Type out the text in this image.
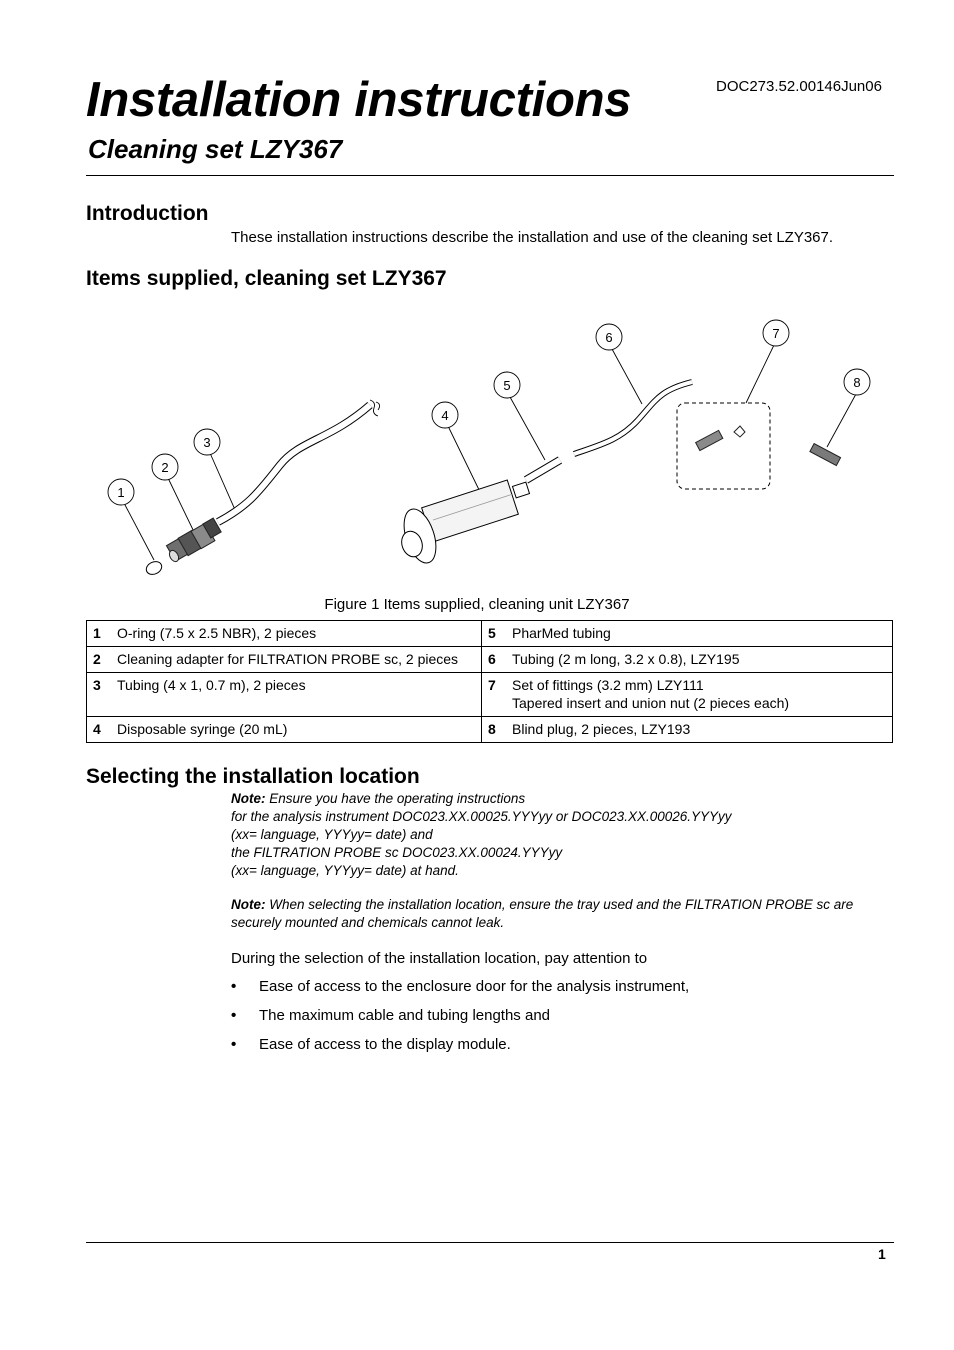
DOC273.52.00146Jun06
Installation instructions
Cleaning set LZY367
Introduction
These installation instructions describe the installation and use of the cleaning set LZY367.
Items supplied, cleaning set LZY367
1
2
3
4
5
6	7
8
Figure 1 Items supplied, cleaning unit LZY367
1	O-ring (7.5 x 2.5 NBR), 2 pieces	5	PharMed tubing

2	Cleaning adapter for FILTRATION PROBE sc, 2 pieces	6	Tubing (2 m long, 3.2 x 0.8), LZY195

3	Tubing (4 x 1, 0.7 m), 2 pieces	7	Set of fittings (3.2 mm) LZY111
Tapered insert and union nut (2 pieces each)

4	Disposable syringe (20 mL)	8	Blind plug, 2 pieces, LZY193
Selecting the installation location
Note: Ensure you have the operating instructions
for the analysis instrument DOC023.XX.00025.YYYyy or DOC023.XX.00026.YYYyy
(xx= language, YYYyy= date) and
the FILTRATION PROBE sc DOC023.XX.00024.YYYyy
(xx= language, YYYyy= date) at hand.
Note: When selecting the installation location, ensure the tray used and the FILTRATION PROBE sc are
securely mounted and chemicals cannot leak.
During the selection of the installation location, pay attention to
• Ease of access to the enclosure door for the analysis instrument,
• The maximum cable and tubing lengths and
• Ease of access to the display module.
1
